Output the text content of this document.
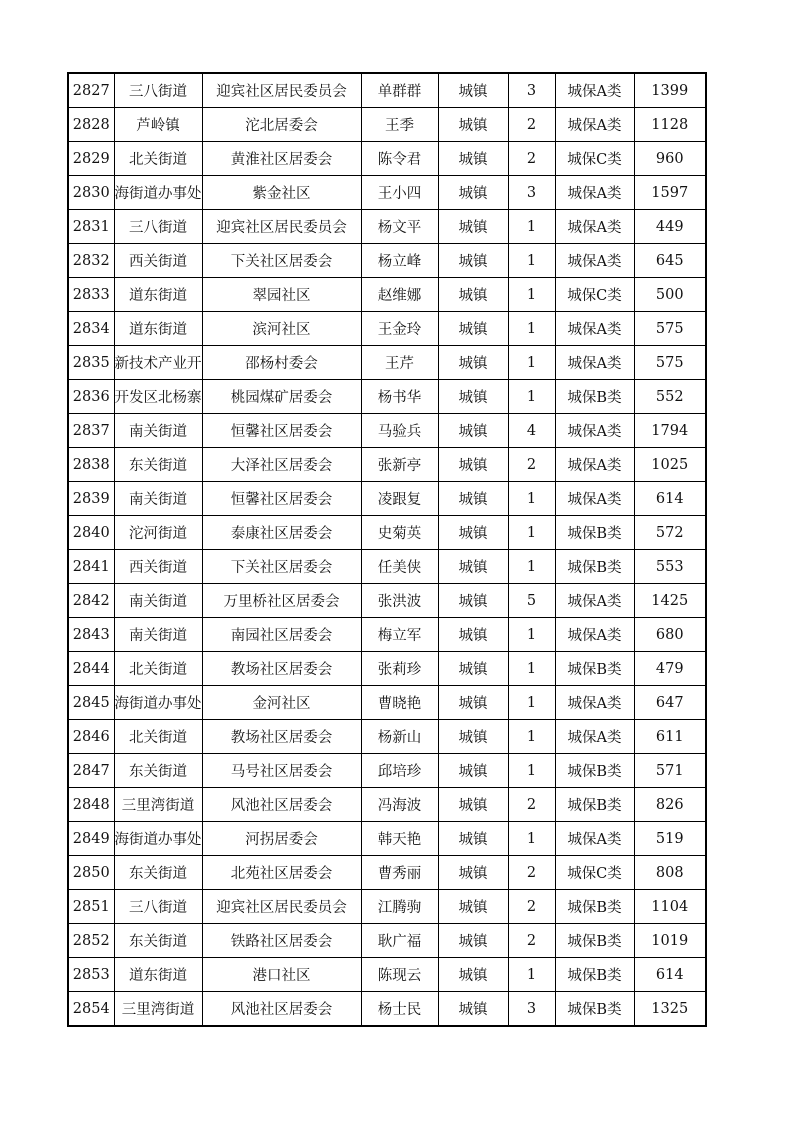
2827	三八街道	迎宾社区居民委员会	单群群	城镇	3	城保A类	1399
2828	芦岭镇	沱北居委会	王季	城镇	2	城保A类	1128
2829	北关街道	黄淮社区居委会	陈令君	城镇	2	城保C类	960
2830	海街道办事处	紫金社区	王小四	城镇	3	城保A类	1597
2831	三八街道	迎宾社区居民委员会	杨文平	城镇	1	城保A类	449
2832	西关街道	下关社区居委会	杨立峰	城镇	1	城保A类	645
2833	道东街道	翠园社区	赵维娜	城镇	1	城保C类	500
2834	道东街道	滨河社区	王金玲	城镇	1	城保A类	575
2835	新技术产业开	邵杨村委会	王芹	城镇	1	城保A类	575
2836	开发区北杨寨	桃园煤矿居委会	杨书华	城镇	1	城保B类	552
2837	南关街道	恒馨社区居委会	马验兵	城镇	4	城保A类	1794
2838	东关街道	大泽社区居委会	张新亭	城镇	2	城保A类	1025
2839	南关街道	恒馨社区居委会	凌跟复	城镇	1	城保A类	614
2840	沱河街道	泰康社区居委会	史菊英	城镇	1	城保B类	572
2841	西关街道	下关社区居委会	任美侠	城镇	1	城保B类	553
2842	南关街道	万里桥社区居委会	张洪波	城镇	5	城保A类	1425
2843	南关街道	南园社区居委会	梅立军	城镇	1	城保A类	680
2844	北关街道	教场社区居委会	张莉珍	城镇	1	城保B类	479
2845	海街道办事处	金河社区	曹晓艳	城镇	1	城保A类	647
2846	北关街道	教场社区居委会	杨新山	城镇	1	城保A类	611
2847	东关街道	马号社区居委会	邱培珍	城镇	1	城保B类	571
2848	三里湾街道	风池社区居委会	冯海波	城镇	2	城保B类	826
2849	海街道办事处	河拐居委会	韩天艳	城镇	1	城保A类	519
2850	东关街道	北苑社区居委会	曹秀丽	城镇	2	城保C类	808
2851	三八街道	迎宾社区居民委员会	江腾驹	城镇	2	城保B类	1104
2852	东关街道	铁路社区居委会	耿广福	城镇	2	城保B类	1019
2853	道东街道	港口社区	陈现云	城镇	1	城保B类	614
2854	三里湾街道	风池社区居委会	杨士民	城镇	3	城保B类	1325
